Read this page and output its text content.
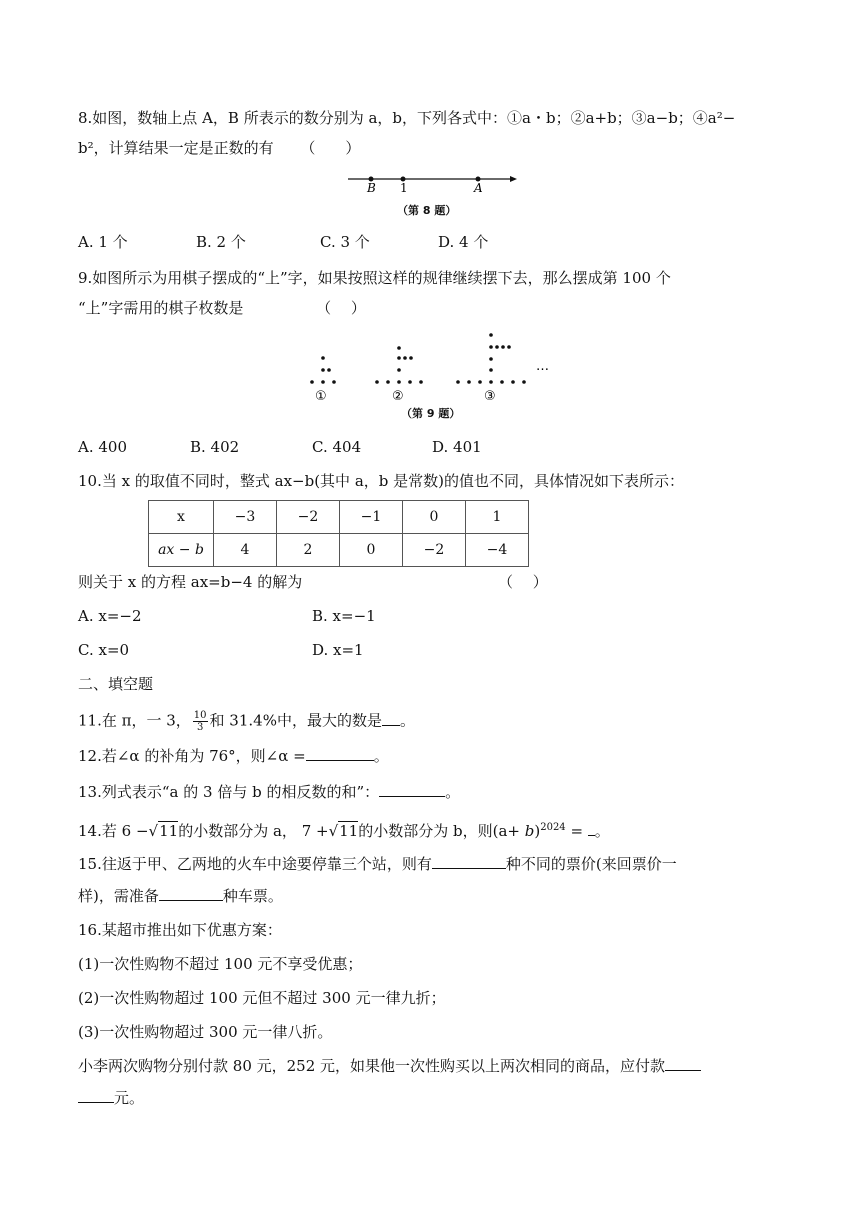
8.如图，数轴上点 A，B 所表示的数分别为 a，b，下列各式中：①a・b；②a+b；③a−b；④a²−
b²，计算结果一定是正数的有 （　　）
B 1	A
（第 8 题）
A. 1 个	B. 2 个	C. 3 个	D. 4 个
9.如图所示为用棋子摆成的“上”字，如果按照这样的规律继续摆下去，那么摆成第 100 个
“上”字需用的棋子枚数是	（　 ）
…
①	②	③
（第 9 题）
A. 400	B. 402	C. 404	D. 401
10.当 x 的取值不同时，整式 ax−b(其中 a，b 是常数)的值也不同，具体情况如下表所示：
x	−3	−2	−1	0	1
ax − b	4	2	0	−2	−4
则关于 x 的方程 ax=b−4 的解为	（　 ）
A. x=−2	B. x=−1
C. x=0	D. x=1
二、填空题
11.在 π，一 3， $\frac{10}{3}$ 和 31.4%中，最大的数是 。
12.若∠α 的补角为 76°，则∠α =	。
13.列式表示“a 的 3 倍与 b 的相反数的和”：	。
14.若 6 −√11的小数部分为 a， 7 +√11的小数部分为 b，则$(a+ b)^{2024}$ = 。
15.往返于甲、乙两地的火车中途要停靠三个站，则有	种不同的票价(来回票价一
样)，需准备	种车票。
16.某超市推出如下优惠方案：
(1)一次性购物不超过 100 元不享受优惠；
(2)一次性购物超过 100 元但不超过 300 元一律九折；
(3)一次性购物超过 300 元一律八折。
小李两次购物分别付款 80 元，252 元，如果他一次性购买以上两次相同的商品，应付款
元。
